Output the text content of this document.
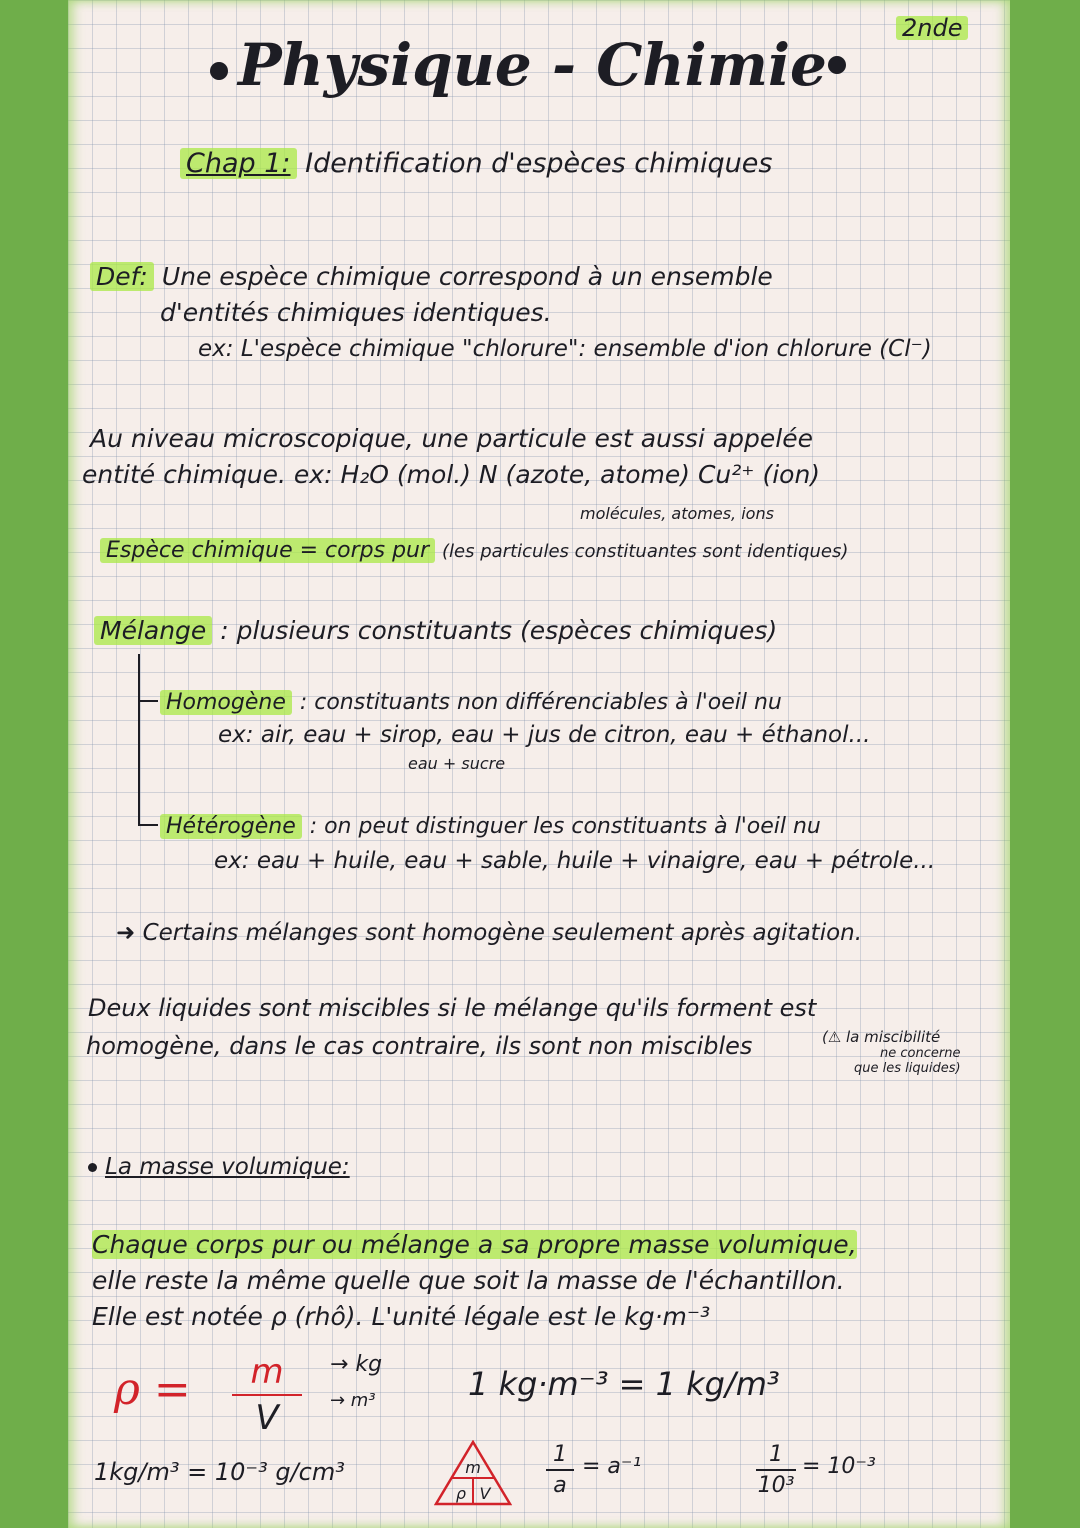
Physique - Chimie
2nde
Chap 1: Identification d'espèces chimiques
Def: Une espèce chimique correspond à un ensemble
d'entités chimiques identiques.
ex: L'espèce chimique "chlorure": ensemble d'ion chlorure (Cl⁻)
Au niveau microscopique, une particule est aussi appelée
entité chimique. ex: H₂O (mol.) N (azote, atome) Cu²⁺ (ion)
molécules, atomes, ions
Espèce chimique = corps pur (les particules constituantes sont identiques)
Mélange : plusieurs constituants (espèces chimiques)
Homogène : constituants non différenciables à l'oeil nu
ex: air, eau + sirop, eau + jus de citron, eau + éthanol...
eau + sucre
Hétérogène : on peut distinguer les constituants à l'oeil nu
ex: eau + huile, eau + sable, huile + vinaigre, eau + pétrole...
➜ Certains mélanges sont homogène seulement après agitation.
Deux liquides sont miscibles si le mélange qu'ils forment est
homogène, dans le cas contraire, ils sont non miscibles	(⚠ la miscibilité
ne concerne
que les liquides)
La masse volumique:
Chaque corps pur ou mélange a sa propre masse volumique,
elle reste la même quelle que soit la masse de l'échantillon.
Elle est notée ρ (rhô). L'unité légale est le kg·m⁻³
ρ =	m
V
→ kg
→ m³	1 kg·m⁻³ = 1 kg/m³
1kg/m³ = 10⁻³ g/cm³	m
ρ V
1
a
= a⁻¹	1
10³
= 10⁻³
